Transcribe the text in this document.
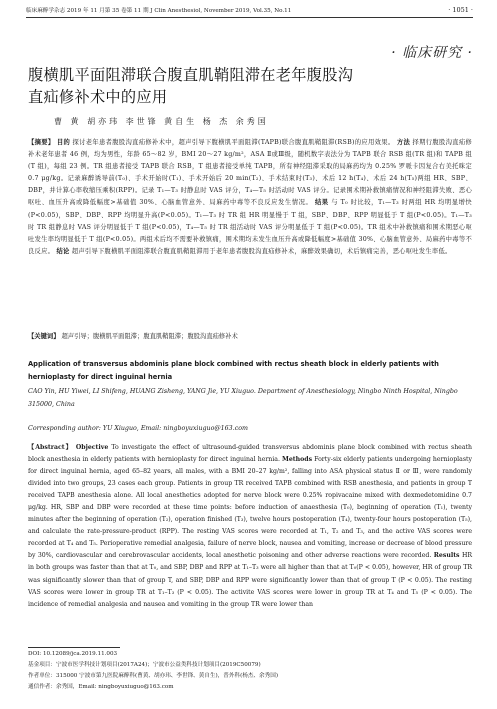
临床麻醉学杂志 2019 年 11 月第 35 卷第 11 期 J Clin Anesthesiol, November 2019, Vol.35, No.11	· 1051 ·
· 临床研究 ·
腹横肌平面阻滞联合腹直肌鞘阻滞在老年腹股沟
直疝修补术中的应用
曹 黄 胡亦玮 李世锋 黄自生 杨 杰 余秀国
【摘要】 目的 探讨老年患者腹股沟直疝修补术中，超声引导下腹横肌平面阻滞(TAPB)联合腹直肌鞘阻滞(RSB)的应用效果。 方法 择期行腹股沟直疝修补术老年患者 46 例，均为男性，年龄 65～82 岁，BMI 20～27 kg/m²，ASA Ⅱ或Ⅲ级，随机数字表法分为 TAPB 联合 RSB 组(TR 组)和 TAPB 组(T 组)，每组 23 例。TR 组患者接受 TAPB 联合 RSB，T 组患者接受单纯 TAPB，所有神经阻滞采取的局麻药均为 0.25% 罗哌卡因复合右美托咪定 0.7 μg/kg。记录麻醉诱导前(T₀)、手术开始时(T₁)、手术开始后 20 min(T₂)、手术结束时(T₃)、术后 12 h(T₄)、术后 24 h(T₅)两组 HR、SBP、DBP，并计算心率收缩压乘积(RPP)。记录 T₁—T₃ 时静息时 VAS 评分，T₄—T₅ 时活动时 VAS 评分。记录围术期补救镇痛情况和神经阻滞失败、恶心呕吐、血压升高或降低幅度>基础值 30%、心脑血管意外、局麻药中毒等不良反应发生情况。 结果 与 T₀ 时比较，T₁—T₃ 时两组 HR 均明显增快(P<0.05)，SBP、DBP、RPP 均明显升高(P<0.05)。T₁—T₃ 时 TR 组 HR 明显慢于 T 组，SBP、DBP、RPP 明显低于 T 组(P<0.05)。T₁—T₃ 时 TR 组静息时 VAS 评分明显低于 T 组(P<0.05)，T₄—T₅ 时 TR 组活动时 VAS 评分明显低于 T 组(P<0.05)。TR 组术中补救镇痛和围术期恶心呕吐发生率均明显低于 T 组(P<0.05)。两组术后均不需要补救镇痛，围术期均未发生血压升高或降低幅度>基础值 30%、心脑血管意外、局麻药中毒等不良反应。 结论 超声引导下腹横肌平面阻滞联合腹直肌鞘阻滞用于老年患者腹股沟直疝修补术，麻醉效果确切，术后镇痛完善，恶心呕吐发生率低。
【关键词】 超声引导；腹横肌平面阻滞；腹直肌鞘阻滞；腹股沟直疝修补术
Application of transversus abdominis plane block combined with rectus sheath block in elderly patients with hernioplasty for direct inguinal hernia
CAO Yin, HU Yiwei, LI Shifeng, HUANG Zisheng, YANG Jie, YU Xiuguo. Department of Anesthesiology, Ningbo Ninth Hospital, Ningbo 315000, China
Corresponding author: YU Xiuguo, Email: ningboyuxiuguo@163.com
【Abstract】 Objective To investigate the effect of ultrasound-guided transversus abdominis plane block combined with rectus sheath block anesthesia in elderly patients with hernioplasty for direct inguinal hernia. Methods Forty-six elderly patients undergoing hernioplasty for direct inguinal hernia, aged 65–82 years, all males, with a BMI 20–27 kg/m², falling into ASA physical status Ⅱ or Ⅲ, were randomly divided into two groups, 23 cases each group. Patients in group TR received TAPB combined with RSB anesthesia, and patients in group T received TAPB anesthesia alone. All local anesthetics adopted for nerve block were 0.25% ropivacaine mixed with dexmedetomidine 0.7 μg/kg. HR, SBP and DBP were recorded at these time points: before induction of anaesthesia (T₀), beginning of operation (T₁), twenty minutes after the beginning of operation (T₂), operation finished (T₃), twelve hours postoperation (T₄), twenty-four hours postoperation (T₅), and calculate the rate-pressure-product (RPP). The resting VAS scores were recorded at T₁, T₂ and T₃, and the active VAS scores were recorded at T₄ and T₅. Perioperative remedial analgesia, failure of nerve block, nausea and vomiting, increase or decrease of blood pressure by 30%, cardiovascular and cerebrovascular accidents, local anesthetic poisoning and other adverse reactions were recorded. Results HR in both groups was faster than that at T₀, and SBP, DBP and RPP at T₁–T₃ were all higher than that at T₀(P < 0.05), however, HR of group TR was significantly slower than that of group T, and SBP, DBP and RPP were significantly lower than that of group T (P < 0.05). The resting VAS scores were lower in group TR at T₁–T₃ (P < 0.05). The activite VAS scores were lower in group TR at T₄ and T₅ (P < 0.05). The incidence of remedial analgesia and nausea and vomiting in the group TR were lower than
DOI: 10.12089/jca.2019.11.003
基金项目：宁波市医学科技计划项目(2017A24)；宁波市公益类科技计划项目(2019C50079)
作者单位：315000 宁波市第九医院麻醉科(曹黄、胡亦玮、李世锋、黄自生)，普外科(杨杰、余秀国)
通信作者：余秀国，Email: ningboyuxiuguo@163.com
